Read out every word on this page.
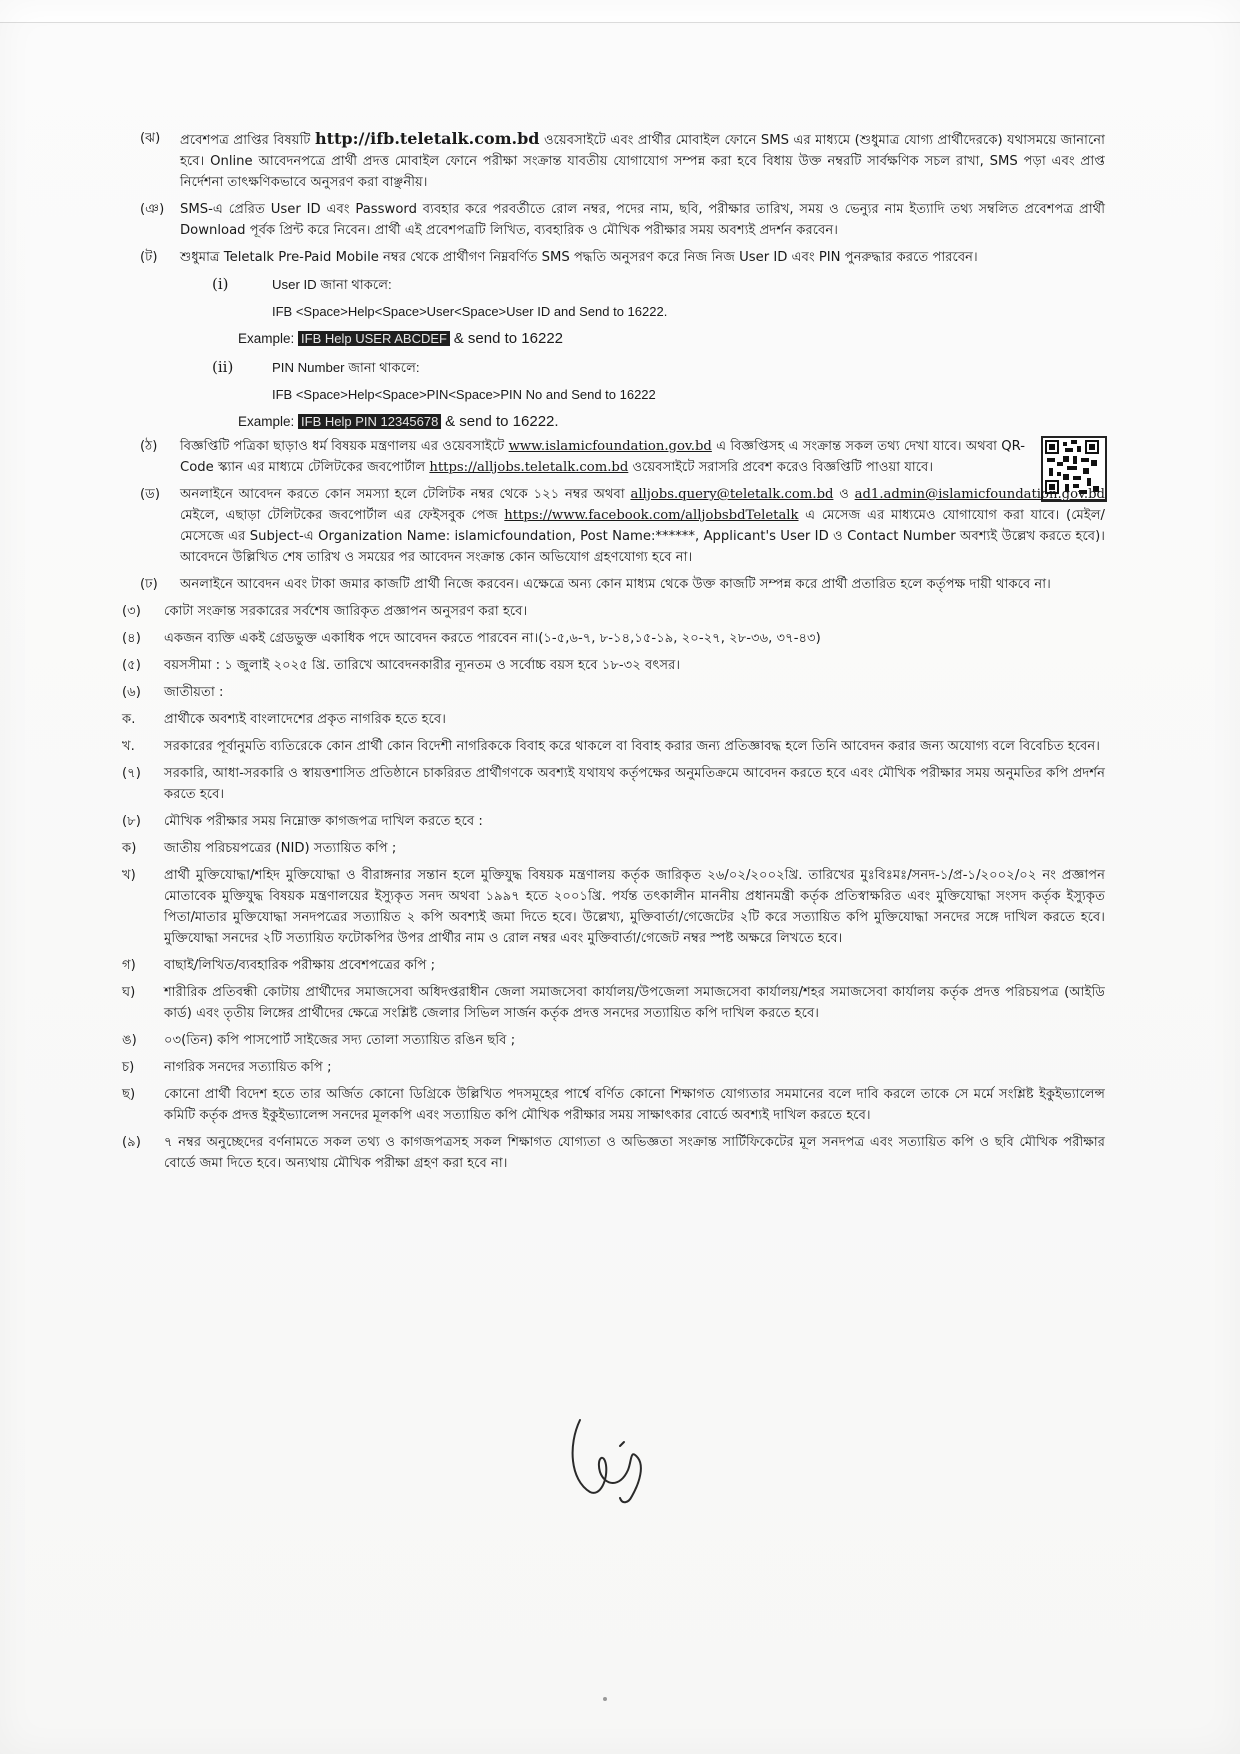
(ঝ)	প্রবেশপত্র প্রাপ্তির বিষয়টি http://ifb.teletalk.com.bd ওয়েবসাইটে এবং প্রার্থীর মোবাইল ফোনে SMS এর মাধ্যমে (শুধুমাত্র যোগ্য প্রার্থীদেরকে) যথাসময়ে জানানো হবে। Online আবেদনপত্রে প্রার্থী প্রদত্ত মোবাইল ফোনে পরীক্ষা সংক্রান্ত যাবতীয় যোগাযোগ সম্পন্ন করা হবে বিধায় উক্ত নম্বরটি সার্বক্ষণিক সচল রাখা, SMS পড়া এবং প্রাপ্ত নির্দেশনা তাৎক্ষণিকভাবে অনুসরণ করা বাঞ্ছনীয়।
(ঞ)	SMS-এ প্রেরিত User ID এবং Password ব্যবহার করে পরবর্তীতে রোল নম্বর, পদের নাম, ছবি, পরীক্ষার তারিখ, সময় ও ভেন্যুর নাম ইত্যাদি তথ্য সম্বলিত প্রবেশপত্র প্রার্থী Download পূর্বক প্রিন্ট করে নিবেন। প্রার্থী এই প্রবেশপত্রটি লিখিত, ব্যবহারিক ও মৌখিক পরীক্ষার সময় অবশ্যই প্রদর্শন করবেন।
(ট)	শুধুমাত্র Teletalk Pre-Paid Mobile নম্বর থেকে প্রার্থীগণ নিম্নবর্ণিত SMS পদ্ধতি অনুসরণ করে নিজ নিজ User ID এবং PIN পুনরুদ্ধার করতে পারবেন।
(i)	User ID জানা থাকলে:
IFB <Space>Help<Space>User<Space>User ID and Send to 16222.
Example: IFB Help USER ABCDEF & send to 16222
(ii)	PIN Number জানা থাকলে:
IFB <Space>Help<Space>PIN<Space>PIN No and Send to 16222
Example: IFB Help PIN 12345678 & send to 16222.
(ঠ)	বিজ্ঞপ্তিটি পত্রিকা ছাড়াও ধর্ম বিষয়ক মন্ত্রণালয় এর ওয়েবসাইটে www.islamicfoundation.gov.bd এ বিজ্ঞপ্তিসহ এ সংক্রান্ত সকল তথ্য দেখা যাবে। অথবা QR-Code স্ক্যান এর মাধ্যমে টেলিটকের জবপোর্টাল https://alljobs.teletalk.com.bd ওয়েবসাইটে সরাসরি প্রবেশ করেও বিজ্ঞপ্তিটি পাওয়া যাবে।
(ড)	অনলাইনে আবেদন করতে কোন সমস্যা হলে টেলিটক নম্বর থেকে ১২১ নম্বর অথবা alljobs.query@teletalk.com.bd ও ad1.admin@islamicfoundation.gov.bd মেইলে, এছাড়া টেলিটকের জবপোর্টাল এর ফেইসবুক পেজ https://www.facebook.com/alljobsbdTeletalk এ মেসেজ এর মাধ্যমেও যোগাযোগ করা যাবে। (মেইল/মেসেজে এর Subject-এ Organization Name: islamicfoundation, Post Name:******, Applicant's User ID ও Contact Number অবশ্যই উল্লেখ করতে হবে)। আবেদনে উল্লিখিত শেষ তারিখ ও সময়ের পর আবেদন সংক্রান্ত কোন অভিযোগ গ্রহণযোগ্য হবে না।
(ঢ)	অনলাইনে আবেদন এবং টাকা জমার কাজটি প্রার্থী নিজে করবেন। এক্ষেত্রে অন্য কোন মাধ্যম থেকে উক্ত কাজটি সম্পন্ন করে প্রার্থী প্রতারিত হলে কর্তৃপক্ষ দায়ী থাকবে না।
(৩)	কোটা সংক্রান্ত সরকারের সর্বশেষ জারিকৃত প্রজ্ঞাপন অনুসরণ করা হবে।
(৪)	একজন ব্যক্তি একই গ্রেডভুক্ত একাধিক পদে আবেদন করতে পারবেন না।(১-৫,৬-৭, ৮-১৪,১৫-১৯, ২০-২৭, ২৮-৩৬, ৩৭-৪৩)
(৫)	বয়সসীমা : ১ জুলাই ২০২৫ খ্রি. তারিখে আবেদনকারীর ন্যূনতম ও সর্বোচ্চ বয়স হবে ১৮-৩২ বৎসর।
(৬)	জাতীয়তা :
ক.	প্রার্থীকে অবশ্যই বাংলাদেশের প্রকৃত নাগরিক হতে হবে।
খ.	সরকারের পূর্বানুমতি ব্যতিরেকে কোন প্রার্থী কোন বিদেশী নাগরিককে বিবাহ করে থাকলে বা বিবাহ করার জন্য প্রতিজ্ঞাবদ্ধ হলে তিনি আবেদন করার জন্য অযোগ্য বলে বিবেচিত হবেন।
(৭)	সরকারি, আধা-সরকারি ও স্বায়ত্তশাসিত প্রতিষ্ঠানে চাকরিরত প্রার্থীগণকে অবশ্যই যথাযথ কর্তৃপক্ষের অনুমতিক্রমে আবেদন করতে হবে এবং মৌখিক পরীক্ষার সময় অনুমতির কপি প্রদর্শন করতে হবে।
(৮)	মৌখিক পরীক্ষার সময় নিম্নোক্ত কাগজপত্র দাখিল করতে হবে :
ক)	জাতীয় পরিচয়পত্রের (NID) সত্যায়িত কপি ;
খ)	প্রার্থী মুক্তিযোদ্ধা/শহিদ মুক্তিযোদ্ধা ও বীরাঙ্গনার সন্তান হলে মুক্তিযুদ্ধ বিষয়ক মন্ত্রণালয় কর্তৃক জারিকৃত ২৬/০২/২০০২খ্রি. তারিখের মুঃবিঃমঃ/সনদ-১/প্র-১/২০০২/০২ নং প্রজ্ঞাপন মোতাবেক মুক্তিযুদ্ধ বিষয়ক মন্ত্রণালয়ের ইস্যুকৃত সনদ অথবা ১৯৯৭ হতে ২০০১খ্রি. পর্যন্ত তৎকালীন মাননীয় প্রধানমন্ত্রী কর্তৃক প্রতিস্বাক্ষরিত এবং মুক্তিযোদ্ধা সংসদ কর্তৃক ইস্যুকৃত পিতা/মাতার মুক্তিযোদ্ধা সনদপত্রের সত্যায়িত ২ কপি অবশ্যই জমা দিতে হবে। উল্লেখ্য, মুক্তিবার্তা/গেজেটের ২টি করে সত্যায়িত কপি মুক্তিযোদ্ধা সনদের সঙ্গে দাখিল করতে হবে। মুক্তিযোদ্ধা সনদের ২টি সত্যায়িত ফটোকপির উপর প্রার্থীর নাম ও রোল নম্বর এবং মুক্তিবার্তা/গেজেট নম্বর স্পষ্ট অক্ষরে লিখতে হবে।
গ)	বাছাই/লিখিত/ব্যবহারিক পরীক্ষায় প্রবেশপত্রের কপি ;
ঘ)	শারীরিক প্রতিবন্ধী কোটায় প্রার্থীদের সমাজসেবা অধিদপ্তরাধীন জেলা সমাজসেবা কার্যালয়/উপজেলা সমাজসেবা কার্যালয়/শহর সমাজসেবা কার্যালয় কর্তৃক প্রদত্ত পরিচয়পত্র (আইডি কার্ড) এবং তৃতীয় লিঙ্গের প্রার্থীদের ক্ষেত্রে সংশ্লিষ্ট জেলার সিভিল সার্জন কর্তৃক প্রদত্ত সনদের সত্যায়িত কপি দাখিল করতে হবে।
ঙ)	০৩(তিন) কপি পাসপোর্ট সাইজের সদ্য তোলা সত্যায়িত রঙিন ছবি ;
চ)	নাগরিক সনদের সত্যায়িত কপি ;
ছ)	কোনো প্রার্থী বিদেশ হতে তার অর্জিত কোনো ডিগ্রিকে উল্লিখিত পদসমূহের পার্শ্বে বর্ণিত কোনো শিক্ষাগত যোগ্যতার সমমানের বলে দাবি করলে তাকে সে মর্মে সংশ্লিষ্ট ইকুইভ্যালেন্স কমিটি কর্তৃক প্রদত্ত ইকুইভ্যালেন্স সনদের মূলকপি এবং সত্যায়িত কপি মৌখিক পরীক্ষার সময় সাক্ষাৎকার বোর্ডে অবশ্যই দাখিল করতে হবে।
(৯)	৭ নম্বর অনুচ্ছেদের বর্ণনামতে সকল তথ্য ও কাগজপত্রসহ সকল শিক্ষাগত যোগ্যতা ও অভিজ্ঞতা সংক্রান্ত সার্টিফিকেটের মূল সনদপত্র এবং সত্যায়িত কপি ও ছবি মৌখিক পরীক্ষার বোর্ডে জমা দিতে হবে। অন্যথায় মৌখিক পরীক্ষা গ্রহণ করা হবে না।
